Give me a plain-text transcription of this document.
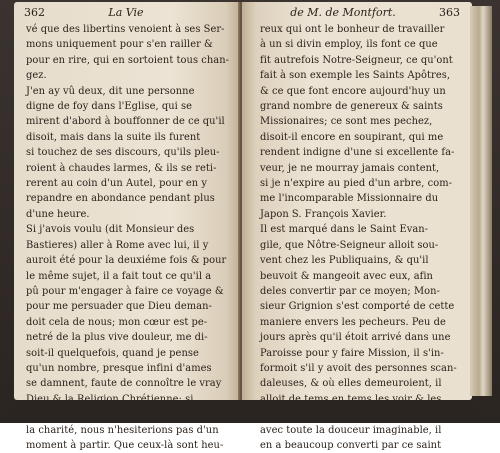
362	La Vie
vé que des libertins venoient à ses Ser-
mons uniquement pour s'en railler &
pour en rire, qui en sortoient tous chan-
gez.
J'en ay vû deux, dit une personne
digne de foy dans l'Eglise, qui se
mirent d'abord à bouffonner de ce qu'il
disoit, mais dans la suite ils furent
si touchez de ses discours, qu'ils pleu-
roient à chaudes larmes, & ils se reti-
rerent au coin d'un Autel, pour en y
repandre en abondance pendant plus
d'une heure.
Si j'avois voulu (dit Monsieur des
Bastieres) aller à Rome avec lui, il y
auroit été pour la deuxiéme fois & pour
le même sujet, il a fait tout ce qu'il a
pû pour m'engager à faire ce voyage &
pour me persuader que Dieu deman-
doit cela de nous; mon cœur est pe-
netré de la plus vive douleur, me di-
soit-il quelquefois, quand je pense
qu'un nombre, presque infini d'ames
se damnent, faute de connoître le vray
la charité, nous n'hesiterions pas d'un
moment à partir. Que ceux-là sont heu-
de M. de Montfort.	363
reux qui ont le bonheur de travailler
à un si divin employ, ils font ce que
fit autrefois Notre-Seigneur, ce qu'ont
fait à son exemple les Saints Apôtres,
& ce que font encore aujourd'huy un
grand nombre de genereux & saints
Missionaires; ce sont mes pechez,
disoit-il encore en soupirant, qui me
rendent indigne d'une si excellente fa-
veur, je ne mourray jamais content,
si je n'expire au pied d'un arbre, com-
me l'incomparable Missionnaire du
Japon S. François Xavier.
Il est marqué dans le Saint Evan-
gile, que Nôtre-Seigneur alloit sou-
vent chez les Publiquains, & qu'il
beuvoit & mangeoit avec eux, afin
deles convertir par ce moyen; Mon-
sieur Grignion s'est comporté de cette
maniere envers les pecheurs. Peu de
jours après qu'il étoit arrivé dans une
Paroisse pour y faire Mission, il s'in-
formoit s'il y avoit des personnes scan-
daleuses, & où elles demeuroient, il
avec toute la douceur imaginable, il
en a beaucoup converti par ce saint
